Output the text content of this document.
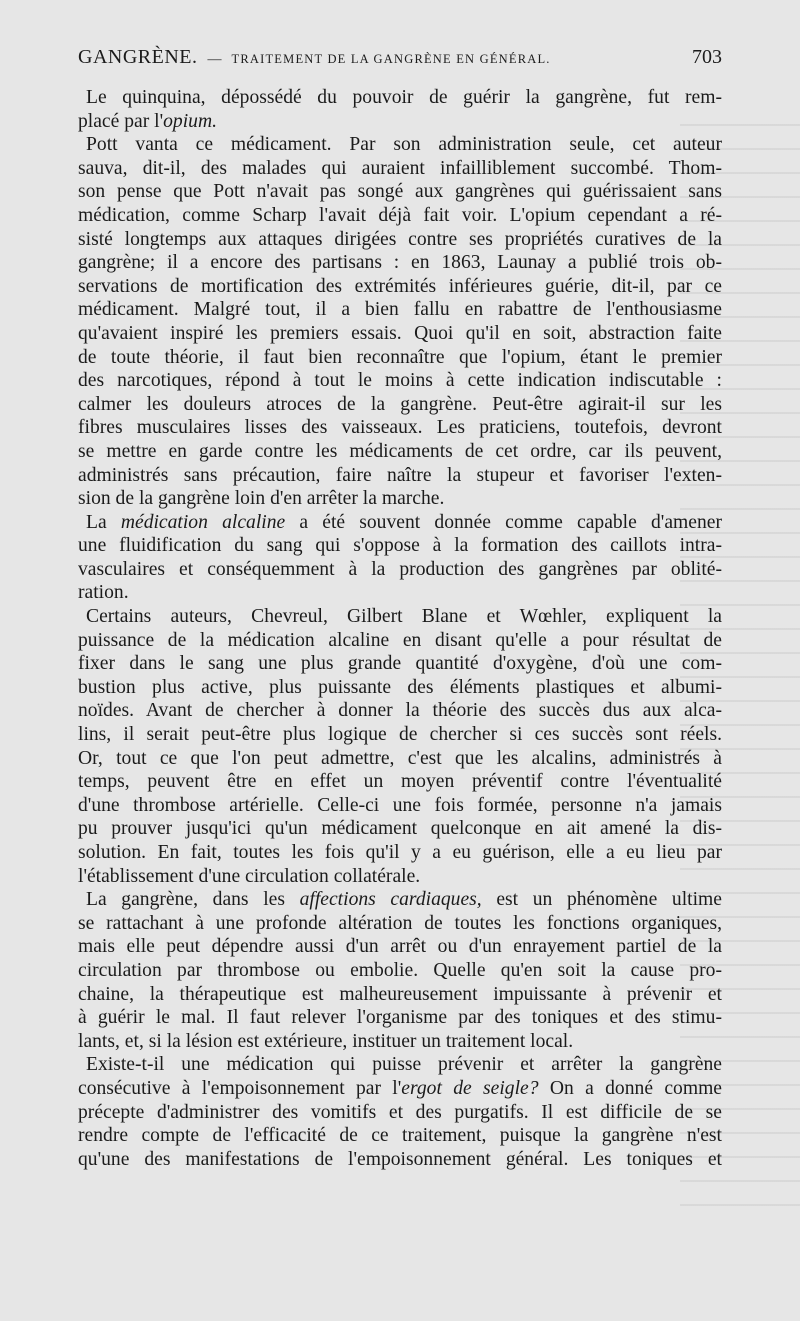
GANGRÈNE. — TRAITEMENT DE LA GANGRÈNE EN GÉNÉRAL.	703
Le quinquina, dépossédé du pouvoir de guérir la gangrène, fut rem-
placé par l'opium.
Pott vanta ce médicament. Par son administration seule, cet auteur
sauva, dit-il, des malades qui auraient infailliblement succombé. Thom-
son pense que Pott n'avait pas songé aux gangrènes qui guérissaient sans
médication, comme Scharp l'avait déjà fait voir. L'opium cependant a ré-
sisté longtemps aux attaques dirigées contre ses propriétés curatives de la
gangrène; il a encore des partisans : en 1863, Launay a publié trois ob-
servations de mortification des extrémités inférieures guérie, dit-il, par ce
médicament. Malgré tout, il a bien fallu en rabattre de l'enthousiasme
qu'avaient inspiré les premiers essais. Quoi qu'il en soit, abstraction faite
de toute théorie, il faut bien reconnaître que l'opium, étant le premier
des narcotiques, répond à tout le moins à cette indication indiscutable :
calmer les douleurs atroces de la gangrène. Peut-être agirait-il sur les
fibres musculaires lisses des vaisseaux. Les praticiens, toutefois, devront
se mettre en garde contre les médicaments de cet ordre, car ils peuvent,
administrés sans précaution, faire naître la stupeur et favoriser l'exten-
sion de la gangrène loin d'en arrêter la marche.
La médication alcaline a été souvent donnée comme capable d'amener
une fluidification du sang qui s'oppose à la formation des caillots intra-
vasculaires et conséquemment à la production des gangrènes par oblité-
ration.
Certains auteurs, Chevreul, Gilbert Blane et Wœhler, expliquent la
puissance de la médication alcaline en disant qu'elle a pour résultat de
fixer dans le sang une plus grande quantité d'oxygène, d'où une com-
bustion plus active, plus puissante des éléments plastiques et albumi-
noïdes. Avant de chercher à donner la théorie des succès dus aux alca-
lins, il serait peut-être plus logique de chercher si ces succès sont réels.
Or, tout ce que l'on peut admettre, c'est que les alcalins, administrés à
temps, peuvent être en effet un moyen préventif contre l'éventualité
d'une thrombose artérielle. Celle-ci une fois formée, personne n'a jamais
pu prouver jusqu'ici qu'un médicament quelconque en ait amené la dis-
solution. En fait, toutes les fois qu'il y a eu guérison, elle a eu lieu par
l'établissement d'une circulation collatérale.
La gangrène, dans les affections cardiaques, est un phénomène ultime
se rattachant à une profonde altération de toutes les fonctions organiques,
mais elle peut dépendre aussi d'un arrêt ou d'un enrayement partiel de la
circulation par thrombose ou embolie. Quelle qu'en soit la cause pro-
chaine, la thérapeutique est malheureusement impuissante à prévenir et
à guérir le mal. Il faut relever l'organisme par des toniques et des stimu-
lants, et, si la lésion est extérieure, instituer un traitement local.
Existe-t-il une médication qui puisse prévenir et arrêter la gangrène
consécutive à l'empoisonnement par l'ergot de seigle? On a donné comme
précepte d'administrer des vomitifs et des purgatifs. Il est difficile de se
rendre compte de l'efficacité de ce traitement, puisque la gangrène n'est
qu'une des manifestations de l'empoisonnement général. Les toniques et
